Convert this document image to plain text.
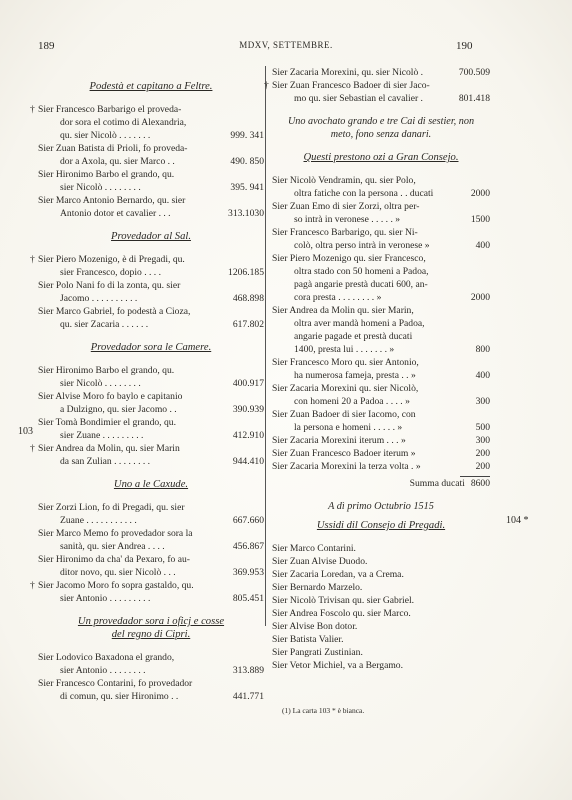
189	MDXV, SETTEMBRE.	190
103
104 *
Podestà et capitano a Feltre.
† Sier Francesco Barbarigo el proveda-
dor sora el cotimo di Alexandria,
qu. sier Nicolò . . . . . . .	999. 341
Sier Zuan Batista di Prioli, fo proveda-
dor a Axola, qu. sier Marco . .	490. 850
Sier Hironimo Barbo el grando, qu.
sier Nicolò . . . . . . . .	395. 941
Sier Marco Antonio Bernardo, qu. sier
Antonio dotor et cavalier . . .	313.1030
Provedador al Sal.
† Sier Piero Mozenigo, è di Pregadi, qu.
sier Francesco, dopio . . . .	1206.185
Sier Polo Nani fo di la zonta, qu. sier
Jacomo . . . . . . . . . .	468.898
Sier Marco Gabriel, fo podestà a Cioza,
qu. sier Zacaria . . . . . .	617.802
Provedador sora le Camere.
Sier Hironimo Barbo el grando, qu.
sier Nicolò . . . . . . . .	400.917
Sier Alvise Moro fo baylo e capitanio
a Dulzigno, qu. sier Jacomo . .	390.939
Sier Tomà Bondimier el grando, qu.
sier Zuane . . . . . . . . .	412.910
† Sier Andrea da Molin, qu. sier Marin
da san Zulian . . . . . . . .	944.410
Uno a le Caxude.
Sier Zorzi Lion, fo di Pregadi, qu. sier
Zuane . . . . . . . . . . .	667.660
Sier Marco Memo fo provedador sora la
sanità, qu. sier Andrea . . . .	456.867
Sier Hironimo da cha' da Pexaro, fo au-
ditor novo, qu. sier Nicolò . . .	369.953
† Sier Jacomo Moro fo sopra gastaldo, qu.
sier Antonio . . . . . . . . .	805.451
Un provedador sora i oficj e cosse
del regno di Cipri.
Sier Lodovico Baxadona el grando,
sier Antonio . . . . . . . .	313.889
Sier Francesco Contarini, fo provedador
di comun, qu. sier Hironimo . .	441.771
Sier Zacaria Morexini, qu. sier Nicolò .	700.509
† Sier Zuan Francesco Badoer di sier Jaco-
mo qu. sier Sebastian el cavalier .	801.418
Uno avochato grando e tre Cai di sestier, non
meto, fono senza danari.
Questi prestono ozi a Gran Consejo.
Sier Nicolò Vendramin, qu. sier Polo,
oltra fatiche con la persona . . ducati	2000
Sier Zuan Emo di sier Zorzi, oltra per-
so intrà in veronese . . . . . »	1500
Sier Francesco Barbarigo, qu. sier Ni-
colò, oltra perso intrà in veronese »	400
Sier Piero Mozenigo qu. sier Francesco,
oltra stado con 50 homeni a Padoa,
pagà angarie prestà ducati 600, an-
cora presta . . . . . . . . »	2000
Sier Andrea da Molin qu. sier Marin,
oltra aver mandà homeni a Padoa,
angarie pagade et prestà ducati
1400, presta lui . . . . . . . »	800
Sier Francesco Moro qu. sier Antonio,
ha numerosa fameja, presta . . »	400
Sier Zacaria Morexini qu. sier Nicolò,
con homeni 20 a Padoa . . . . »	300
Sier Zuan Badoer di sier Iacomo, con
la persona e homeni . . . . . »	500
Sier Zacaria Morexini iterum . . . »	300
Sier Zuan Francesco Badoer iterum »	200
Sier Zacaria Morexini la terza volta . »	200
Summa ducati 8600
A dì primo Octubrio 1515
Ussidi dil Consejo di Pregadi.
Sier Marco Contarini.
Sier Zuan Alvise Duodo.
Sier Zacaria Loredan, va a Crema.
Sier Bernardo Marzelo.
Sier Nicolò Trivisan qu. sier Gabriel.
Sier Andrea Foscolo qu. sier Marco.
Sier Alvise Bon dotor.
Sier Batista Valier.
Sier Pangrati Zustinian.
Sier Vetor Michiel, va a Bergamo.
(1) La carta 103 * è bianca.
